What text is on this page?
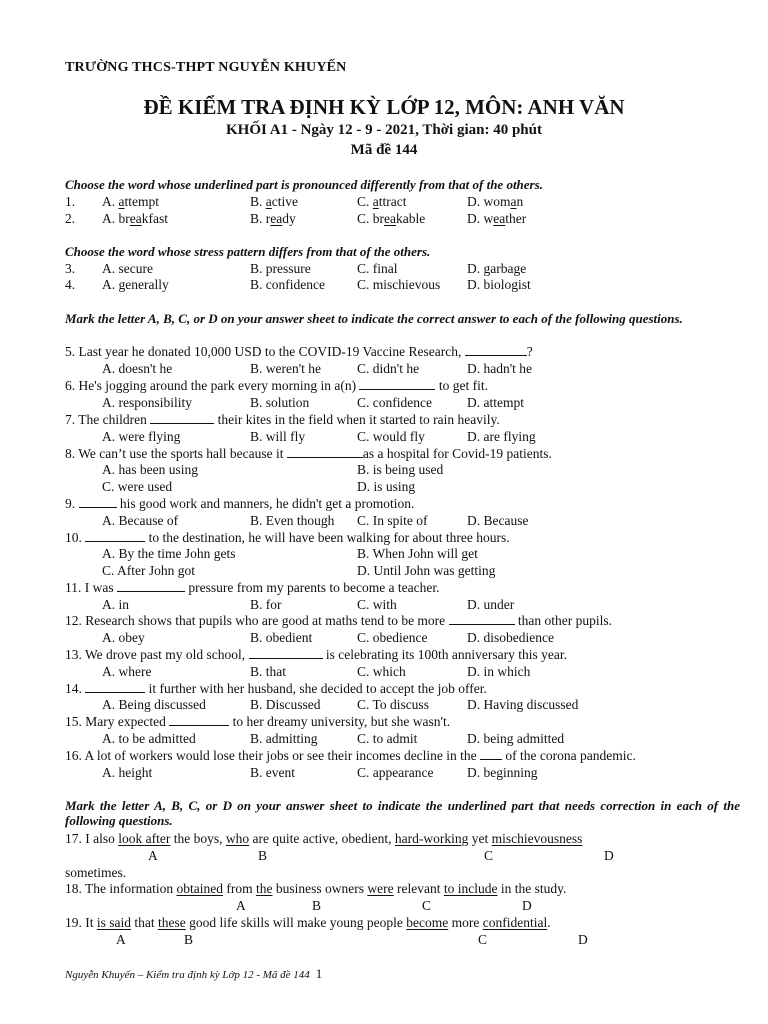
TRƯỜNG THCS-THPT NGUYỄN KHUYẾN
ĐỀ KIỂM TRA ĐỊNH KỲ LỚP 12, MÔN: ANH VĂN
KHỐI A1 - Ngày 12 - 9 - 2021, Thời gian: 40 phút
Mã đề 144
Choose the word whose underlined part is pronounced differently from that of the others.
1. A. attempt	B. active	C. attract	D. woman
2. A. breakfast	B. ready	C. breakable	D. weather
Choose the word whose stress pattern differs from that of the others.
3. A. secure	B. pressure	C. final	D. garbage
4. A. generally	B. confidence C. mischievous D. biologist
Mark the letter A, B, C, or D on your answer sheet to indicate the correct answer to each of the following questions.
5. Last year he donated 10,000 USD to the COVID-19 Vaccine Research,	?
A. doesn't he	B. weren't he	C. didn't he	D. hadn't he
6. He's jogging around the park every morning in a(n)	to get fit.
A. responsibility	B. solution	C. confidence	D. attempt
7. The children	their kites in the field when it started to rain heavily.
A. were flying	B. will fly	C. would fly	D. are flying
8. We can’t use the sports hall because it	as a hospital for Covid-19 patients.
A. has been using	B. is being used
C. were used	D. is using
9.	his good work and manners, he didn't get a promotion.
A. Because of	B. Even though C. In spite of	D. Because
10.	to the destination, he will have been walking for about three hours.
A. By the time John gets	B. When John will get
C. After John got	D. Until John was getting
11. I was	pressure from my parents to become a teacher.
A. in	B. for	C. with	D. under
12. Research shows that pupils who are good at maths tend to be more	than other pupils.
A. obey	B. obedient	C. obedience	D. disobedience
13. We drove past my old school,	is celebrating its 100th anniversary this year.
A. where	B. that	C. which	D. in which
14.	it further with her husband, she decided to accept the job offer.
A. Being discussed	B. Discussed	C. To discuss	D. Having discussed
15. Mary expected	to her dreamy university, but she wasn't.
A. to be admitted	B. admitting	C. to admit	D. being admitted
16. A lot of workers would lose their jobs or see their incomes decline in the  of the corona pandemic.
A. height	B. event	C. appearance D. beginning
Mark the letter A, B, C, or D on your answer sheet to indicate the underlined part that needs correction in each of the following questions.
17. I also look after the boys, who are quite active, obedient, hard-working yet mischievousness
A	B	C	D
sometimes.
18. The information obtained from the business owners were relevant to include in the study.
A	B	C	D
19. It is said that these good life skills will make young people become more confidential.
A	B	C	D
Nguyễn Khuyến – Kiểm tra định kỳ Lớp 12 - Mã đề 144 1
